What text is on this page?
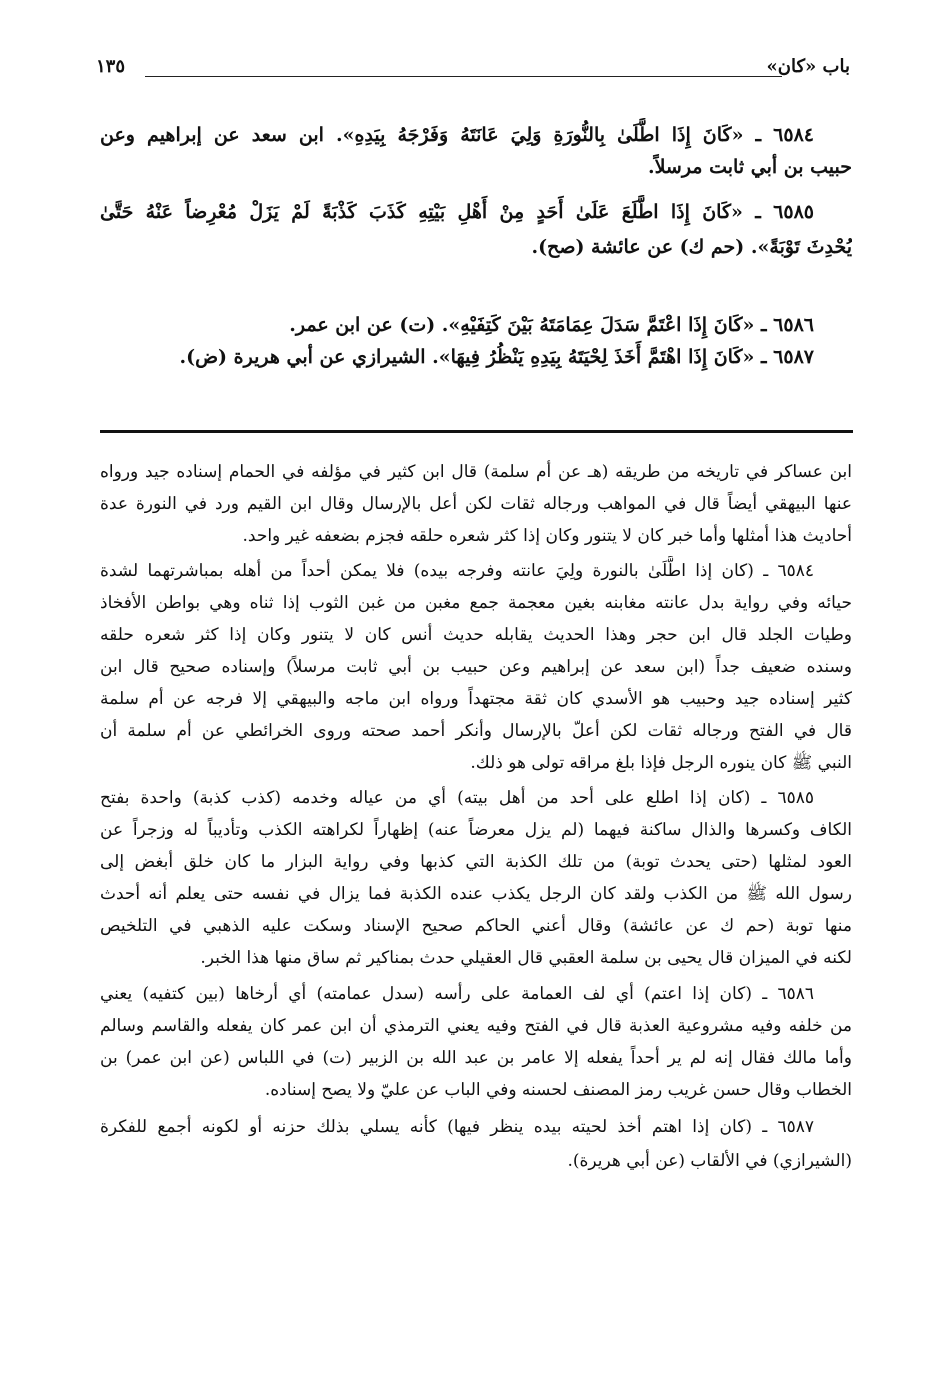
باب «كان»
١٣٥
٦٥٨٤ ـ «كَانَ إِذَا اطَّلَىٰ بِالنُّورَةِ وَلِيَ عَانَتَهُ وَفَرْجَهُ بِيَدِهِ». ابن سعد عن إبراهيم وعن
حبيب بن أبي ثابت مرسلاً.
٦٥٨٥ ـ «كَانَ إِذَا اطَّلَعَ عَلَىٰ أَحَدٍ مِنْ أَهْلِ بَيْتِهِ كَذَبَ كَذْبَةً لَمْ يَزَلْ مُعْرِضاً عَنْهُ حَتَّىٰ
يُحْدِثَ تَوْبَةً». (حم ك) عن عائشة (صح).
٦٥٨٦ ـ «كَانَ إِذَا اعْتَمَّ سَدَلَ عِمَامَتَهُ بَيْنَ كَتِفَيْهِ». (ت) عن ابن عمر.
٦٥٨٧ ـ «كَانَ إِذَا اهْتَمَّ أَخَذَ لِحْيَتَهُ بِيَدِهِ يَنْظُرُ فِيهَا». الشيرازي عن أبي هريرة (ض).
ابن عساكر في تاريخه من طريقه (هـ عن أم سلمة) قال ابن كثير في مؤلفه في الحمام إسناده جيد ورواه
عنها البيهقي أيضاً قال في المواهب ورجاله ثقات لكن أعل بالإرسال وقال ابن القيم ورد في النورة عدة
أحاديث هذا أمثلها وأما خبر كان لا يتنور وكان إذا كثر شعره حلقه فجزم بضعفه غير واحد.
٦٥٨٤ ـ (كان إذا اطَّلَىٰ بالنورة ولِيَ عانته وفرجه بيده) فلا يمكن أحداً من أهله بمباشرتهما لشدة
حيائه وفي رواية بدل عانته مغابنه بغين معجمة جمع مغبن من غبن الثوب إذا ثناه وهي بواطن الأفخاذ
وطيات الجلد قال ابن حجر وهذا الحديث يقابله حديث أنس كان لا يتنور وكان إذا كثر شعره حلقه
وسنده ضعيف جداً (ابن سعد عن إبراهيم وعن حبيب بن أبي ثابت مرسلاً) وإسناده صحيح قال ابن
كثير إسناده جيد وحبيب هو الأسدي كان ثقة مجتهداً ورواه ابن ماجه والبيهقي إلا فرجه عن أم سلمة
قال في الفتح ورجاله ثقات لكن أعلّ بالإرسال وأنكر أحمد صحته وروى الخرائطي عن أم سلمة أن
النبي ﷺ كان ينوره الرجل فإذا بلغ مراقه تولى هو ذلك.
٦٥٨٥ ـ (كان إذا اطلع على أحد من أهل بيته) أي من عياله وخدمه (كذب كذبة) واحدة بفتح
الكاف وكسرها والذال ساكنة فيهما (لم يزل معرضاً عنه) إظهاراً لكراهته الكذب وتأديباً له وزجراً عن
العود لمثلها (حتى يحدث توبة) من تلك الكذبة التي كذبها وفي رواية البزار ما كان خلق أبغض إلى
رسول الله ﷺ من الكذب ولقد كان الرجل يكذب عنده الكذبة فما يزال في نفسه حتى يعلم أنه أحدث
منها توبة (حم ك عن عائشة) وقال أعني الحاكم صحيح الإسناد وسكت عليه الذهبي في التلخيص
لكنه في الميزان قال يحيى بن سلمة العقبي قال العقيلي حدث بمناكير ثم ساق منها هذا الخبر.
٦٥٨٦ ـ (كان إذا اعتم) أي لف العمامة على رأسه (سدل عمامته) أي أرخاها (بين كتفيه) يعني
من خلفه وفيه مشروعية العذبة قال في الفتح وفيه يعني الترمذي أن ابن عمر كان يفعله والقاسم وسالم
وأما مالك فقال إنه لم ير أحداً يفعله إلا عامر بن عبد الله بن الزبير (ت) في اللباس (عن ابن عمر) بن
الخطاب وقال حسن غريب رمز المصنف لحسنه وفي الباب عن عليّ ولا يصح إسناده.
٦٥٨٧ ـ (كان إذا اهتم أخذ لحيته بيده ينظر فيها) كأنه يسلي بذلك حزنه أو لكونه أجمع للفكرة
(الشيرازي) في الألقاب (عن أبي هريرة).
